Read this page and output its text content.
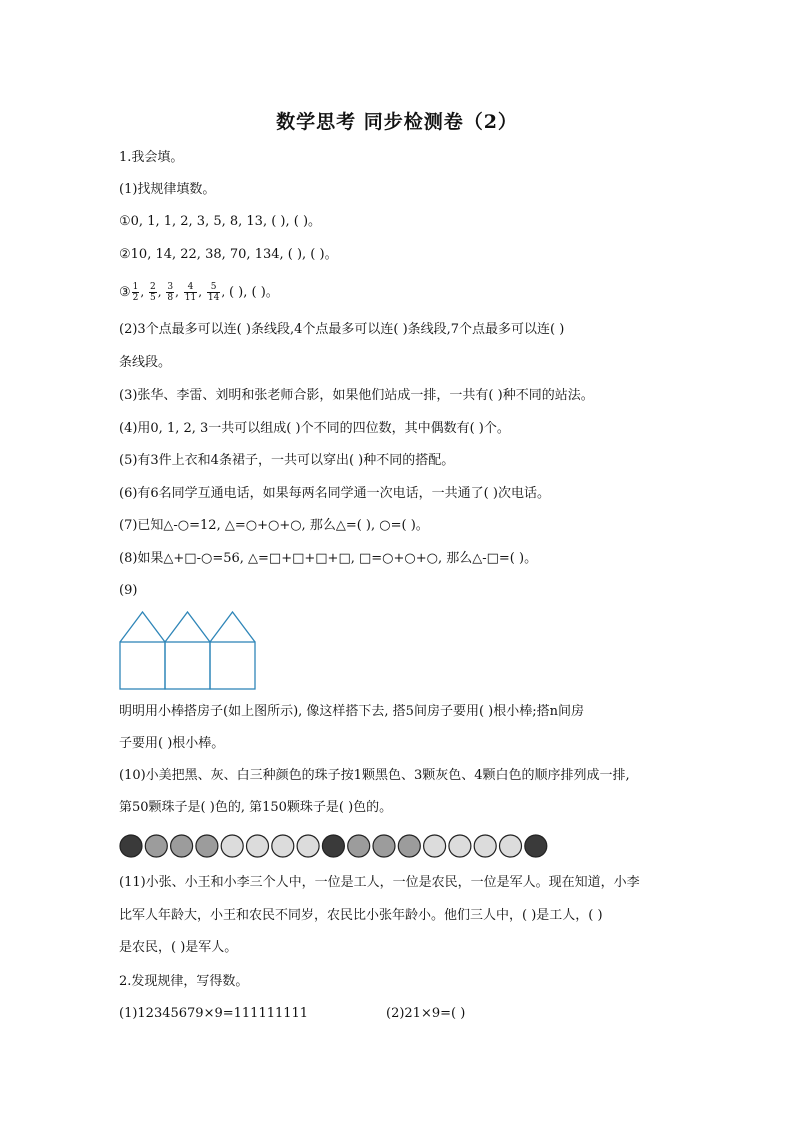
数学思考 同步检测卷（2）
1.我会填。
(1)找规律填数。
①0, 1, 1, 2, 3, 5, 8, 13, ( ), ( )。
②10, 14, 22, 38, 70, 134, ( ), ( )。
③ $\frac{1}{2}$ , $\frac{2}{5}$ , $\frac{3}{8}$ , $\frac{4}{11}$ , $\frac{5}{14}$ , ( ), ( )。
(2)3个点最多可以连( )条线段,4个点最多可以连( )条线段,7个点最多可以连( )
条线段。
(3)张华、李雷、刘明和张老师合影，如果他们站成一排，一共有( )种不同的站法。
(4)用0, 1, 2, 3一共可以组成( )个不同的四位数，其中偶数有( )个。
(5)有3件上衣和4条裙子，一共可以穿出( )种不同的搭配。
(6)有6名同学互通电话，如果每两名同学通一次电话，一共通了( )次电话。
(7)已知△-○=12, △=○+○+○, 那么△=( ), ○=( )。
(8)如果△+□-○=56, △=□+□+□+□, □=○+○+○, 那么△-□=( )。
(9)
明明用小棒搭房子(如上图所示), 像这样搭下去, 搭5间房子要用( )根小棒;搭n间房
子要用( )根小棒。
(10)小美把黑、灰、白三种颜色的珠子按1颗黑色、3颗灰色、4颗白色的顺序排列成一排,
第50颗珠子是( )色的, 第150颗珠子是( )色的。
(11)小张、小王和小李三个人中，一位是工人，一位是农民，一位是军人。现在知道，小李
比军人年龄大，小王和农民不同岁，农民比小张年龄小。他们三人中，( )是工人，( )
是农民，( )是军人。
2.发现规律，写得数。
(1)12345679×9=111111111	(2)21×9=( )
